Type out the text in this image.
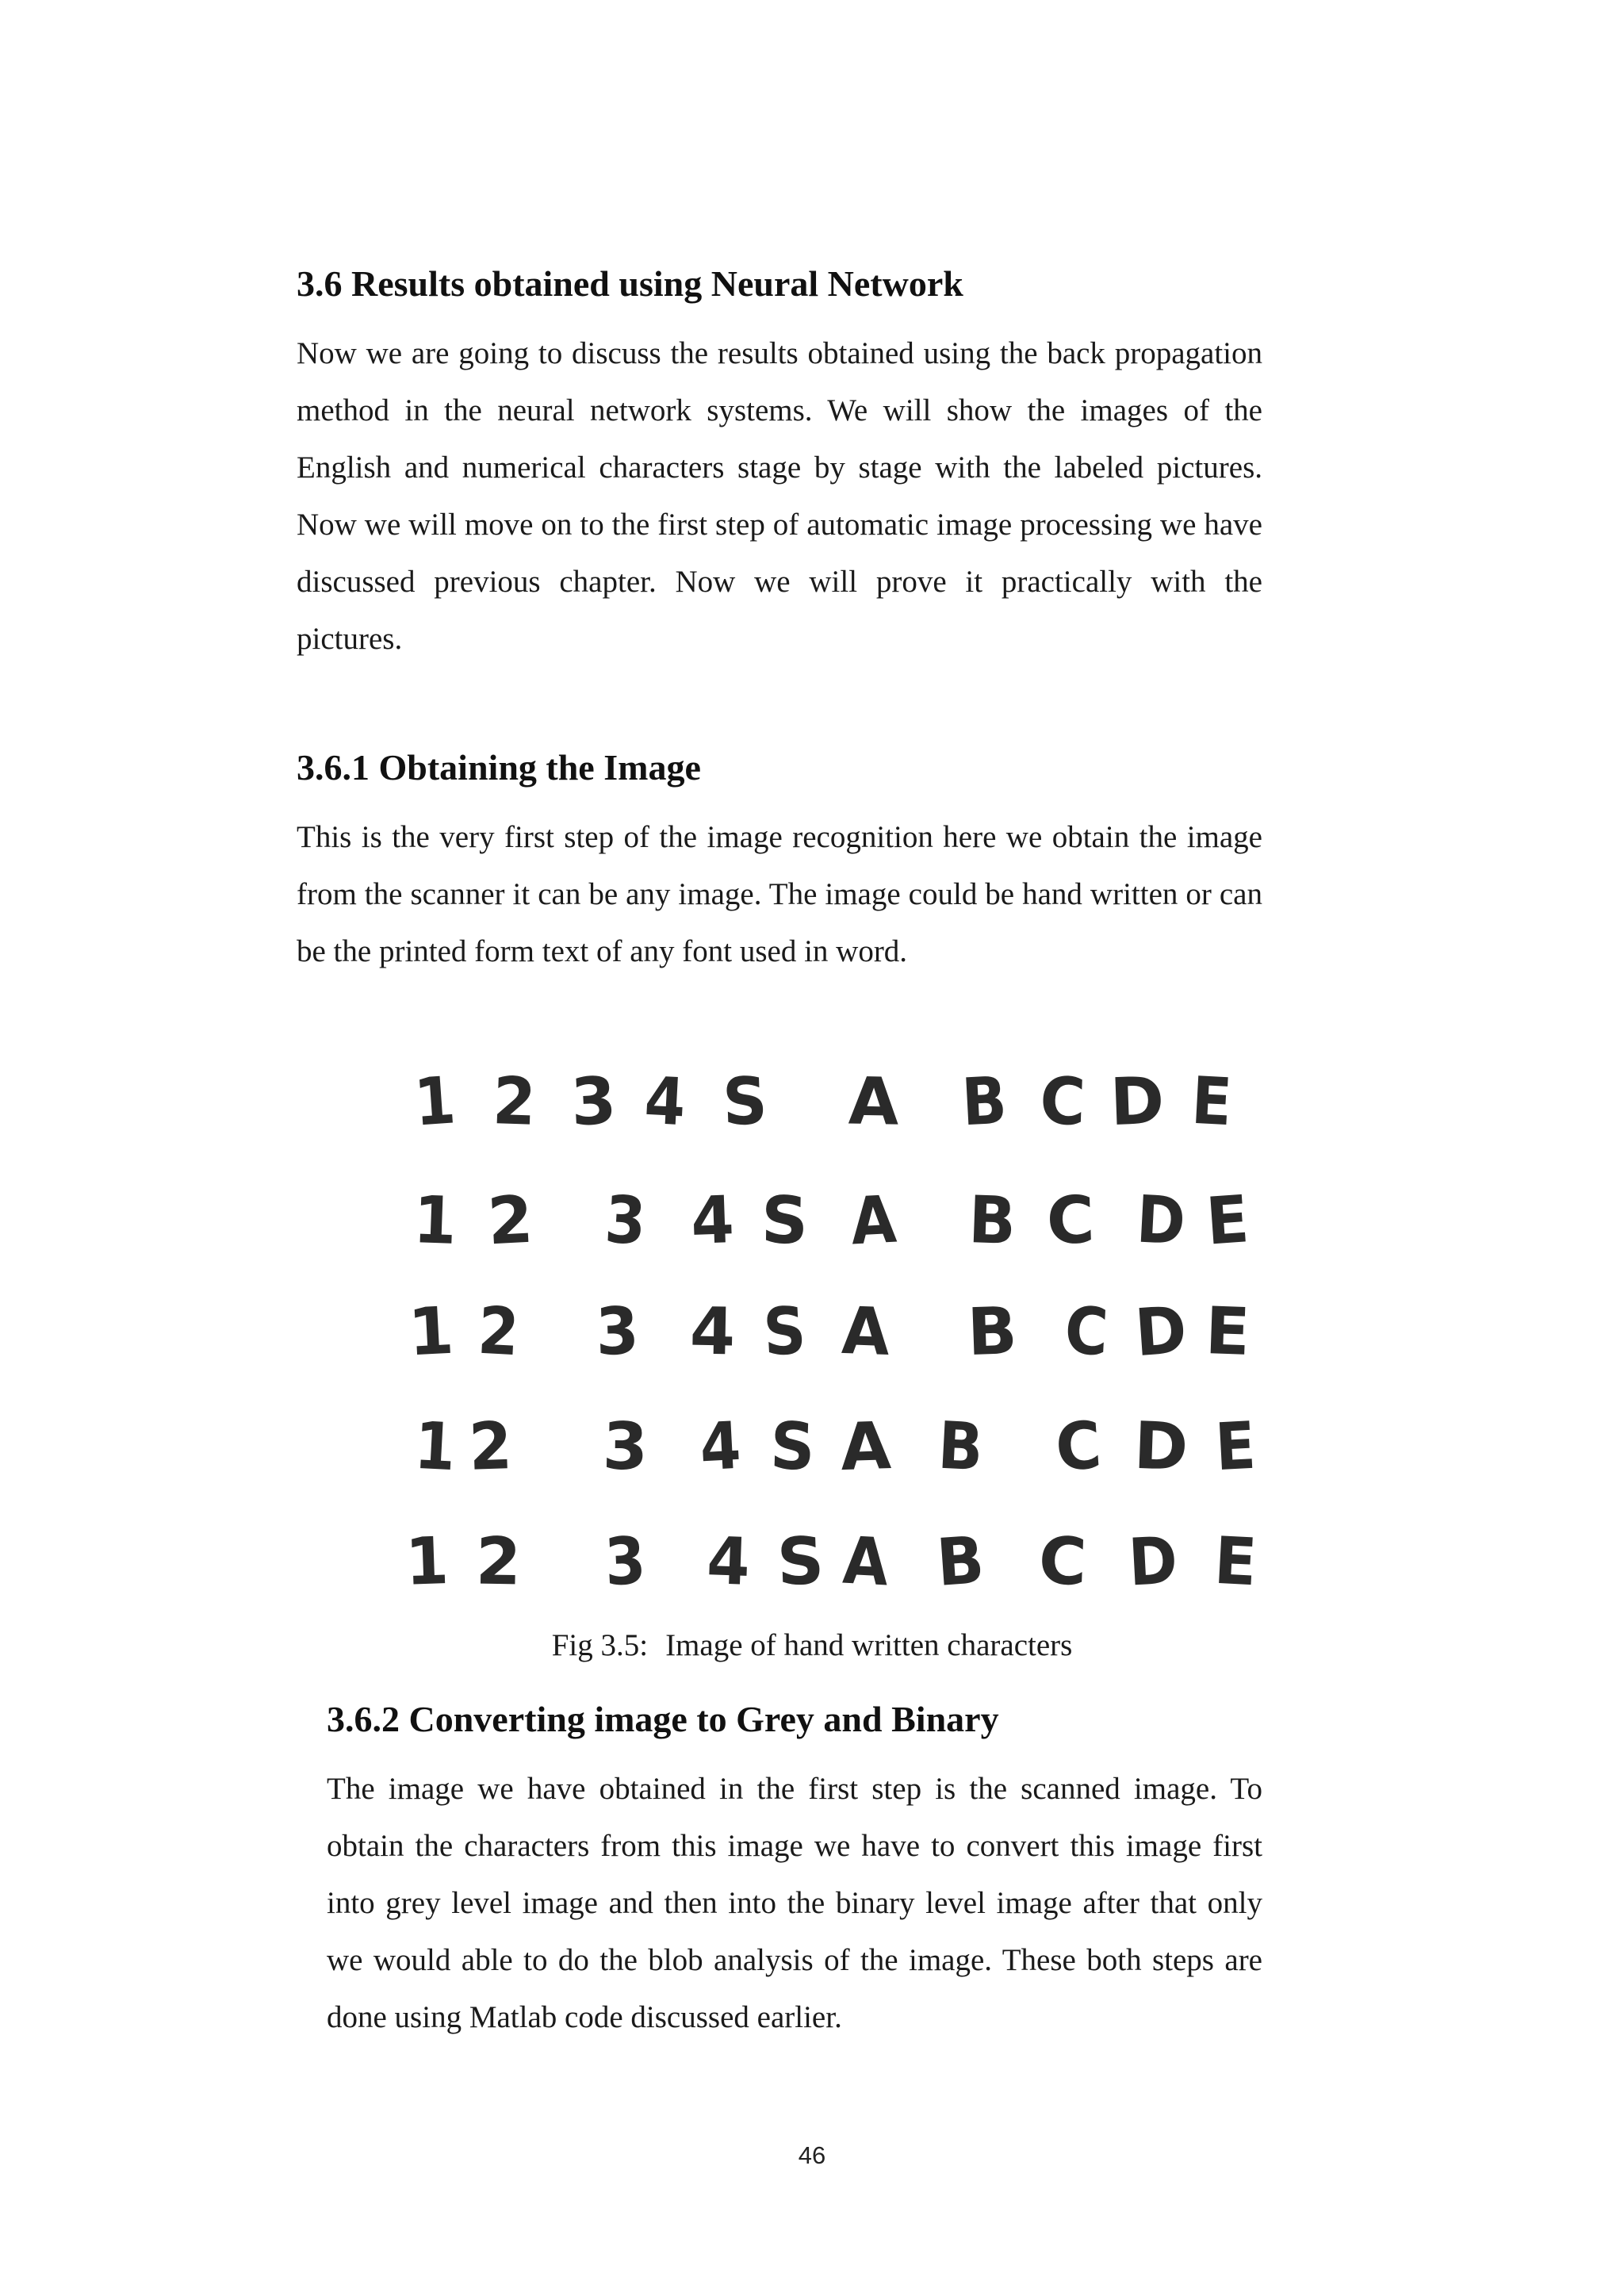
3.6 Results obtained using Neural Network

Now we are going to discuss the results obtained using the back propagation method in the neural network systems. We will show the images of the English and numerical characters stage by stage with the labeled pictures. Now we will move on to the first step of automatic image processing we have discussed previous chapter. Now we will prove it practically with the pictures.

3.6.1 Obtaining the Image

This is the very first step of the image recognition here we obtain the image from the scanner it can be any image. The image could be hand written or can be the printed form text of any font used in word.

1 2 3 4 S A B C D E
1 2 3 4 S A B C D E
1 2 3 4 S A B C D E
1 2 3 4 S A B C D E
1 2 3 4 S A B C D E
Fig 3.5: Image of hand written characters
3.6.2 Converting image to Grey and Binary

The image we have obtained in the first step is the scanned image. To obtain the characters from this image we have to convert this image first into grey level image and then into the binary level image after that only we would able to do the blob analysis of the image. These both steps are done using Matlab code discussed earlier.

46
